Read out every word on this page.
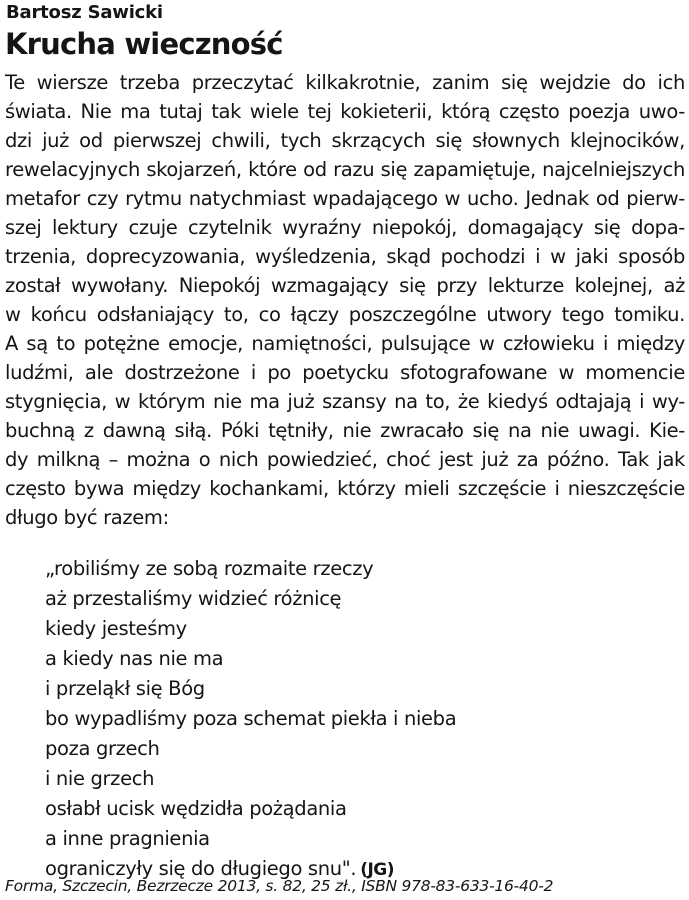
Bartosz Sawicki
Krucha wieczność
Te wiersze trzeba przeczytać kilkakrotnie, zanim się wejdzie do ich
świata. Nie ma tutaj tak wiele tej kokieterii, którą często poezja uwo-
dzi już od pierwszej chwili, tych skrzących się słownych klejnocików,
rewelacyjnych skojarzeń, które od razu się zapamiętuje, najcelniejszych
metafor czy rytmu natychmiast wpadającego w ucho. Jednak od pierw-
szej lektury czuje czytelnik wyraźny niepokój, domagający się dopa-
trzenia, doprecyzowania, wyśledzenia, skąd pochodzi i w jaki sposób
został wywołany. Niepokój wzmagający się przy lekturze kolejnej, aż
w końcu odsłaniający to, co łączy poszczególne utwory tego tomiku.
A są to potężne emocje, namiętności, pulsujące w człowieku i między
ludźmi, ale dostrzeżone i po poetycku sfotografowane w momencie
stygnięcia, w którym nie ma już szansy na to, że kiedyś odtajają i wy-
buchną z dawną siłą. Póki tętniły, nie zwracało się na nie uwagi. Kie-
dy milkną – można o nich powiedzieć, choć jest już za późno. Tak jak
często bywa między kochankami, którzy mieli szczęście i nieszczęście
długo być razem:
„robiliśmy ze sobą rozmaite rzeczy
aż przestaliśmy widzieć różnicę
kiedy jesteśmy
a kiedy nas nie ma
i przeląkł się Bóg
bo wypadliśmy poza schemat piekła i nieba
poza grzech
i nie grzech
osłabł ucisk wędzidła pożądania
a inne pragnienia
ograniczyły się do długiego snu". (JG)
Forma, Szczecin, Bezrzecze 2013, s. 82, 25 zł., ISBN 978-83-633-16-40-2
